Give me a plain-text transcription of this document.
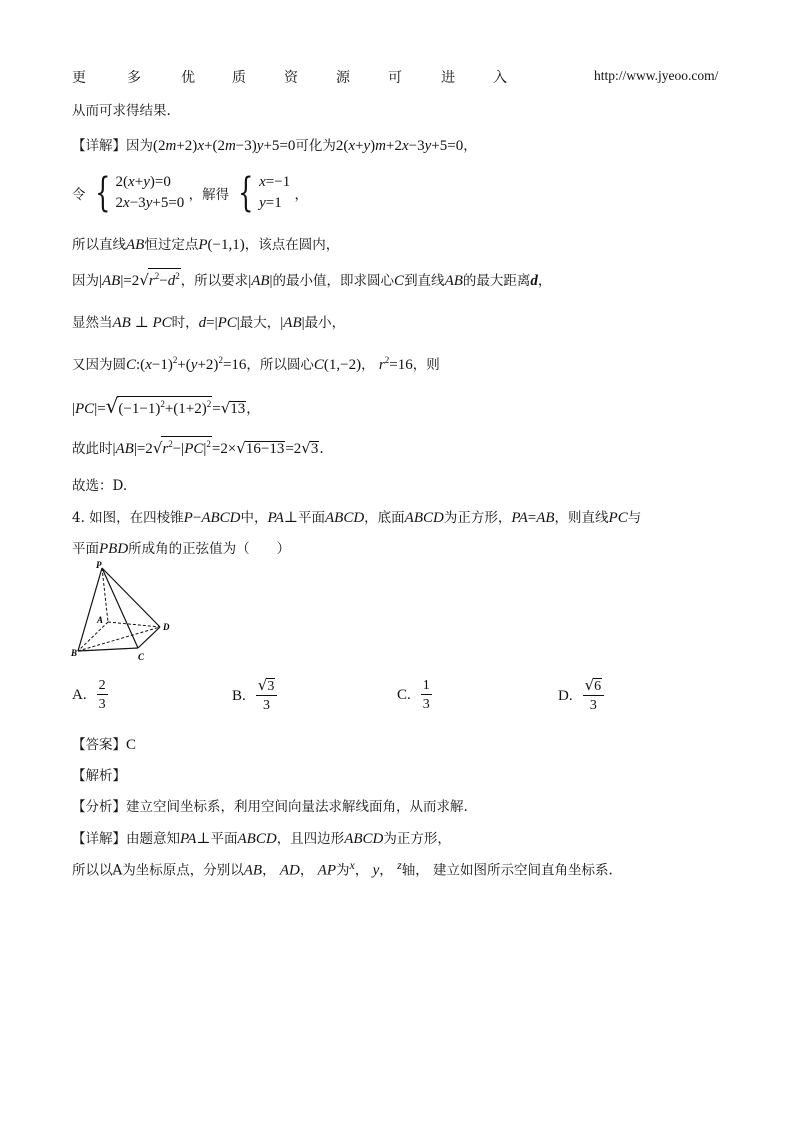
更	多	优	质	资	源	可	进	入	http://www.jyeoo.com/
从而可求得结果.
【详解】因为(2m+2)x+(2m−3)y+5=0可化为2(x+y)m+2x−3y+5=0，
令 { 2(x+y)=0
2x−3y+5=0 ，解得 { x=−1
y=1 ，
所以直线AB恒过定点P(−1,1)，该点在圆内，
因为$|AB|=2√r^2-d^2$，所以要求|AB|的最小值，即求圆心C到直线AB的最大距离d，
显然当AB ⊥ PC时，d=|PC|最大，|AB|最小，
又因为圆$C:(x-1)^2+(y+2)^2=16$，所以圆心C(1,−2)， $r^2=16$，则
$|PC|=√(-1-1)^2+(1+2)^2=√13$，
故此时$|AB|=2√r^2-|PC|^2=2\times√16-13=2√3$.
故选：D.
4. 如图，在四棱锥P−ABCD中，PA⊥平面ABCD，底面ABCD为正方形，PA=AB，则直线PC与
平面PBD所成角的正弦值为（　　）
P
A
D
B	C
A. $\frac{2}{3}$	B. $\frac{√3}{3}$	C. $\frac{1}{3}$	D. $\frac{√6}{3}$
【答案】C
【解析】
【分析】建立空间坐标系，利用空间向量法求解线面角，从而求解.
【详解】由题意知PA⊥平面ABCD，且四边形ABCD为正方形，
所以以A为坐标原点，分别以AB， AD， AP为x， y， z轴， 建立如图所示空间直角坐标系.
